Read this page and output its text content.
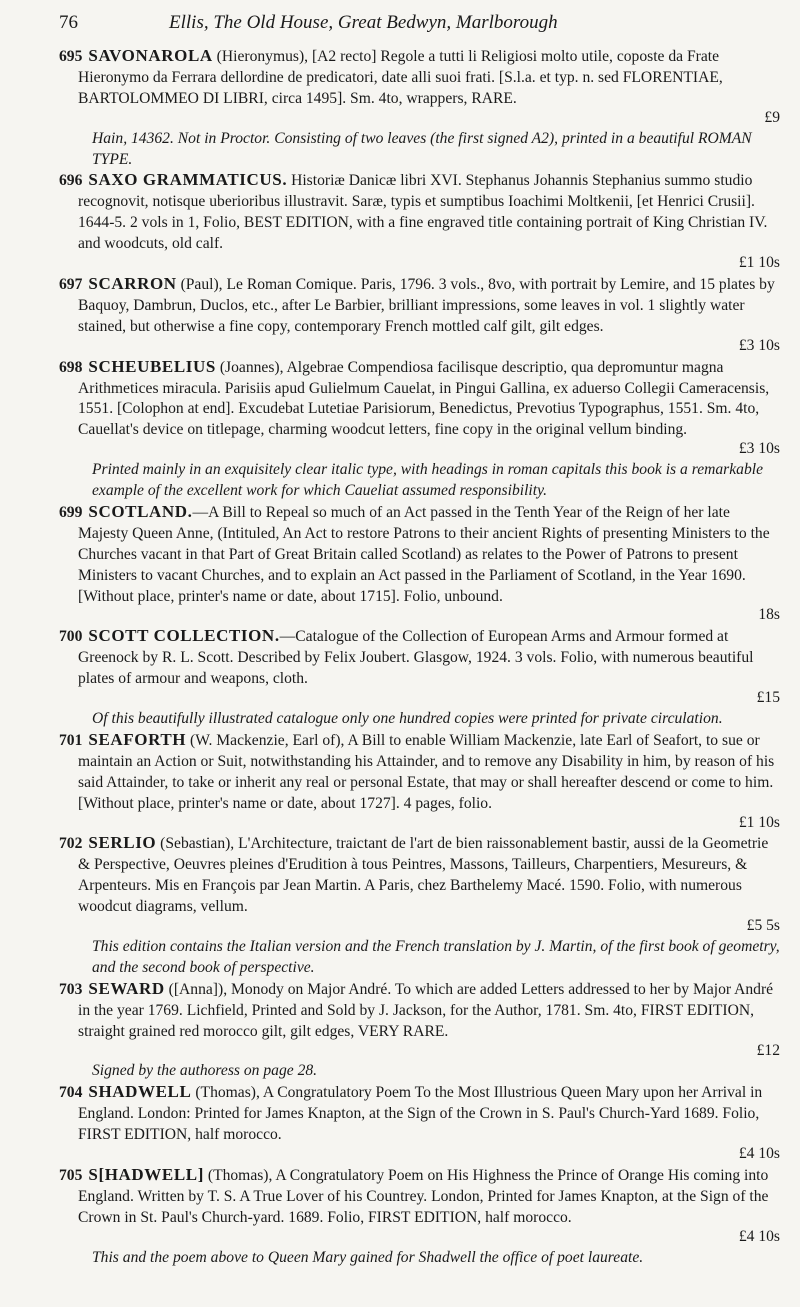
76	Ellis, The Old House, Great Bedwyn, Marlborough

695 SAVONAROLA (Hieronymus), [A2 recto] Regole a tutti li Religiosi molto utile, coposte da Frate Hieronymo da Ferrara dellordine de predicatori, date alli suoi frati. [S.l.a. et typ. n. sed FLORENTIAE, BARTOLOMMEO DI LIBRI, circa 1495]. Sm. 4to, wrappers, RARE.
£9
Hain, 14362. Not in Proctor. Consisting of two leaves (the first signed A2), printed in a beautiful ROMAN TYPE.

696 SAXO GRAMMATICUS. Historiæ Danicæ libri XVI. Stephanus Johannis Stephanius summo studio recognovit, notisque uberioribus illustravit. Saræ, typis et sumptibus Ioachimi Moltkenii, [et Henrici Crusii]. 1644-5. 2 vols in 1, Folio, BEST EDITION, with a fine engraved title containing portrait of King Christian IV. and woodcuts, old calf.
£1 10s

697 SCARRON (Paul), Le Roman Comique. Paris, 1796. 3 vols., 8vo, with portrait by Lemire, and 15 plates by Baquoy, Dambrun, Duclos, etc., after Le Barbier, brilliant impressions, some leaves in vol. 1 slightly water stained, but otherwise a fine copy, contemporary French mottled calf gilt, gilt edges.
£3 10s

698 SCHEUBELIUS (Joannes), Algebrae Compendiosa facilisque descriptio, qua depromuntur magna Arithmetices miracula. Parisiis apud Gulielmum Cauelat, in Pingui Gallina, ex aduerso Collegii Cameracensis, 1551. [Colophon at end]. Excudebat Lutetiae Parisiorum, Benedictus, Prevotius Typographus, 1551. Sm. 4to, Cauellat's device on titlepage, charming woodcut letters, fine copy in the original vellum binding.
£3 10s
Printed mainly in an exquisitely clear italic type, with headings in roman capitals this book is a remarkable example of the excellent work for which Caueliat assumed responsibility.

699 SCOTLAND.—A Bill to Repeal so much of an Act passed in the Tenth Year of the Reign of her late Majesty Queen Anne, (Intituled, An Act to restore Patrons to their ancient Rights of presenting Ministers to the Churches vacant in that Part of Great Britain called Scotland) as relates to the Power of Patrons to present Ministers to vacant Churches, and to explain an Act passed in the Parliament of Scotland, in the Year 1690. [Without place, printer's name or date, about 1715]. Folio, unbound.
18s

700 SCOTT COLLECTION.—Catalogue of the Collection of European Arms and Armour formed at Greenock by R. L. Scott. Described by Felix Joubert. Glasgow, 1924. 3 vols. Folio, with numerous beautiful plates of armour and weapons, cloth.
£15
Of this beautifully illustrated catalogue only one hundred copies were printed for private circulation.

701 SEAFORTH (W. Mackenzie, Earl of), A Bill to enable William Mackenzie, late Earl of Seafort, to sue or maintain an Action or Suit, notwithstanding his Attainder, and to remove any Disability in him, by reason of his said Attainder, to take or inherit any real or personal Estate, that may or shall hereafter descend or come to him. [Without place, printer's name or date, about 1727]. 4 pages, folio.
£1 10s

702 SERLIO (Sebastian), L'Architecture, traictant de l'art de bien raissonablement bastir, aussi de la Geometrie & Perspective, Oeuvres pleines d'Erudition à tous Peintres, Massons, Tailleurs, Charpentiers, Mesureurs, & Arpenteurs. Mis en François par Jean Martin. A Paris, chez Barthelemy Macé. 1590. Folio, with numerous woodcut diagrams, vellum.
£5 5s
This edition contains the Italian version and the French translation by J. Martin, of the first book of geometry, and the second book of perspective.

703 SEWARD ([Anna]), Monody on Major André. To which are added Letters addressed to her by Major André in the year 1769. Lichfield, Printed and Sold by J. Jackson, for the Author, 1781. Sm. 4to, FIRST EDITION, straight grained red morocco gilt, gilt edges, VERY RARE.
£12
Signed by the authoress on page 28.

704 SHADWELL (Thomas), A Congratulatory Poem To the Most Illustrious Queen Mary upon her Arrival in England. London: Printed for James Knapton, at the Sign of the Crown in S. Paul's Church-Yard 1689. Folio, FIRST EDITION, half morocco.
£4 10s

705 S[HADWELL] (Thomas), A Congratulatory Poem on His Highness the Prince of Orange His coming into England. Written by T. S. A True Lover of his Countrey. London, Printed for James Knapton, at the Sign of the Crown in St. Paul's Church-yard. 1689. Folio, FIRST EDITION, half morocco.
£4 10s
This and the poem above to Queen Mary gained for Shadwell the office of poet laureate.
